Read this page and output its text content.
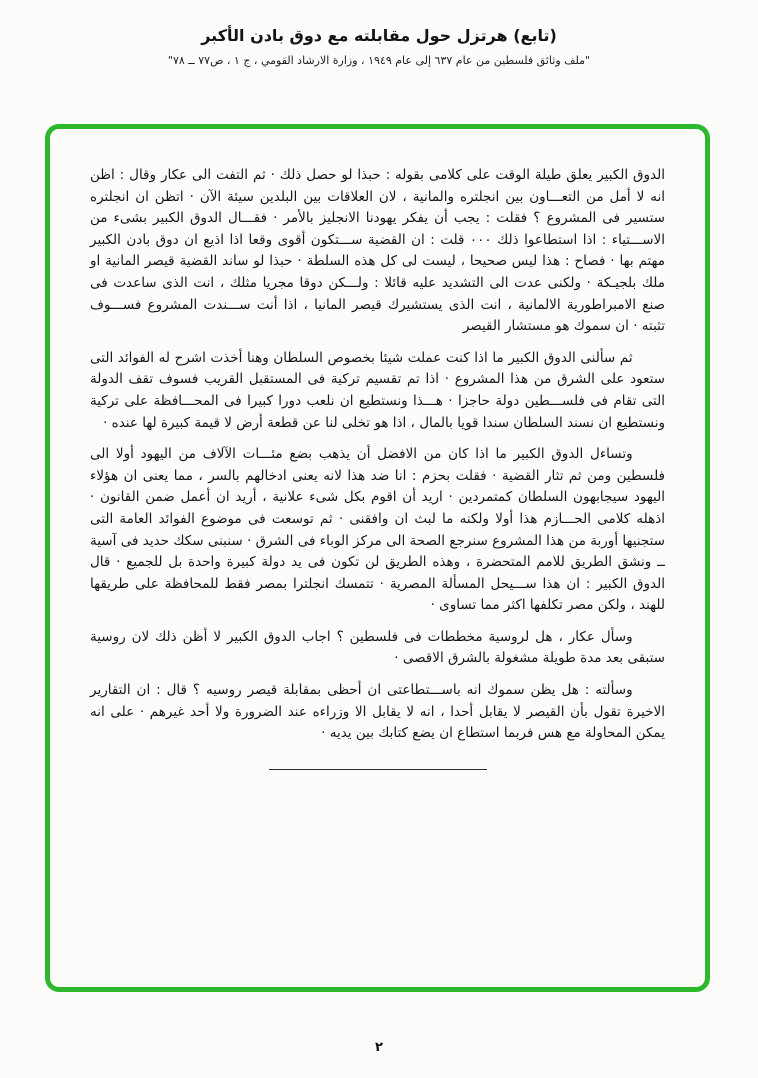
(تابع) هرتزل حول مقابلته مع دوق بادن الأكبر
"ملف وثائق فلسطين من عام ٦٣٧ إلى عام ١٩٤٩ ، وزارة الارشاد القومي ، ج ١ ، ص٧٧ ــ ٧٨"

الدوق الكبير يعلق طيلة الوقت على كلامى بقوله : حبذا لو حصل ذلك · ثم التفت الى عكار وقال : اظن انه لا أمل من التعـــاون بين انجلتره والمانية ، لان العلاقات بين البلدين سيئة الآن · اتظن ان انجلتره ستسير فى المشروع ؟ فقلت : يجب أن يفكر يهودنا الانجليز بالأمر · فقـــال الدوق الكبير بشىء من الاســـتياء : اذا استطاعوا ذلك ٠٠٠ قلت : ان القضية ســـتكون أقوى وقعا اذا اذيع ان دوق بادن الكبير مهتم بها · فصاح : هذا ليس صحيحا ، ليست لى كل هذه السلطة · حبذا لو ساند القضية قيصر المانية او ملك بلجيـكة · ولكنى عدت الى التشديد عليه قائلا : ولـــكن دوقا مجريا مثلك ، انت الذى ساعدت فى صنع الامبراطورية الالمانية ، انت الذى يستشيرك قيصر المانيا ، اذا أنت ســـندت المشروع فســـوف تثبته · ان سموك هو مستشار القيصر

ثم سألنى الدوق الكبير ما اذا كنت عملت شيئا بخصوص السلطان وهنا أخذت اشرح له الفوائد التى ستعود على الشرق من هذا المشروع · اذا تم تقسيم تركية فى المستقبل القريب فسوف تقف الدولة التى تقام فى فلســـطين دولة حاجزا · هـــذا ونستطيع ان نلعب دورا كبيرا فى المحـــافظة على تركية ونستطيع ان نسند السلطان سندا قويا بالمال ، اذا هو تخلى لنا عن قطعة أرض لا قيمة كبيرة لها عنده ·

وتساءل الدوق الكبير ما اذا كان من الافضل أن يذهب بضع مئـــات الآلاف من اليهود أولا الى فلسطين ومن ثم تثار القضية · فقلت بحزم : انا ضد هذا لانه يعنى ادخالهم بالسر ، مما يعنى ان هؤلاء اليهود سيجابهون السلطان كمتمردين · اريد أن اقوم بكل شىء علانية ، أريد ان أعمل ضمن القانون · اذهله كلامى الحـــازم هذا أولا ولكنه ما لبث ان وافقنى · ثم توسعت فى موضوع الفوائد العامة التى ستجنيها أوربة من هذا المشروع سنرجع الصحة الى مركز الوباء فى الشرق · سنبنى سكك حديد فى آسية ــ ونشق الطريق للامم المتحضرة ، وهذه الطريق لن تكون فى يد دولة كبيرة واحدة بل للجميع · قال الدوق الكبير : ان هذا ســـيحل المسألة المصرية · تتمسك انجلترا بمصر فقط للمحافظة على طريقها للهند ، ولكن مصر تكلفها اكثر مما تساوى ·

وسأل عكار ، هل لروسية مخططات فى فلسطين ؟ اجاب الدوق الكبير لا أظن ذلك لان روسية ستبقى بعد مدة طويلة مشغولة بالشرق الاقصى ·

وسألته : هل يظن سموك انه باســـتطاعتى ان أحظى بمقابلة قيصر روسيه ؟ قال : ان التقارير الاخيرة تقول بأن القيصر لا يقابل أحدا ، انه لا يقابل الا وزراءه عند الضرورة ولا أحد غيرهم · على انه يمكن المحاولة مع هس فربما استطاع ان يضع كتابك بين يديه ·

٢
